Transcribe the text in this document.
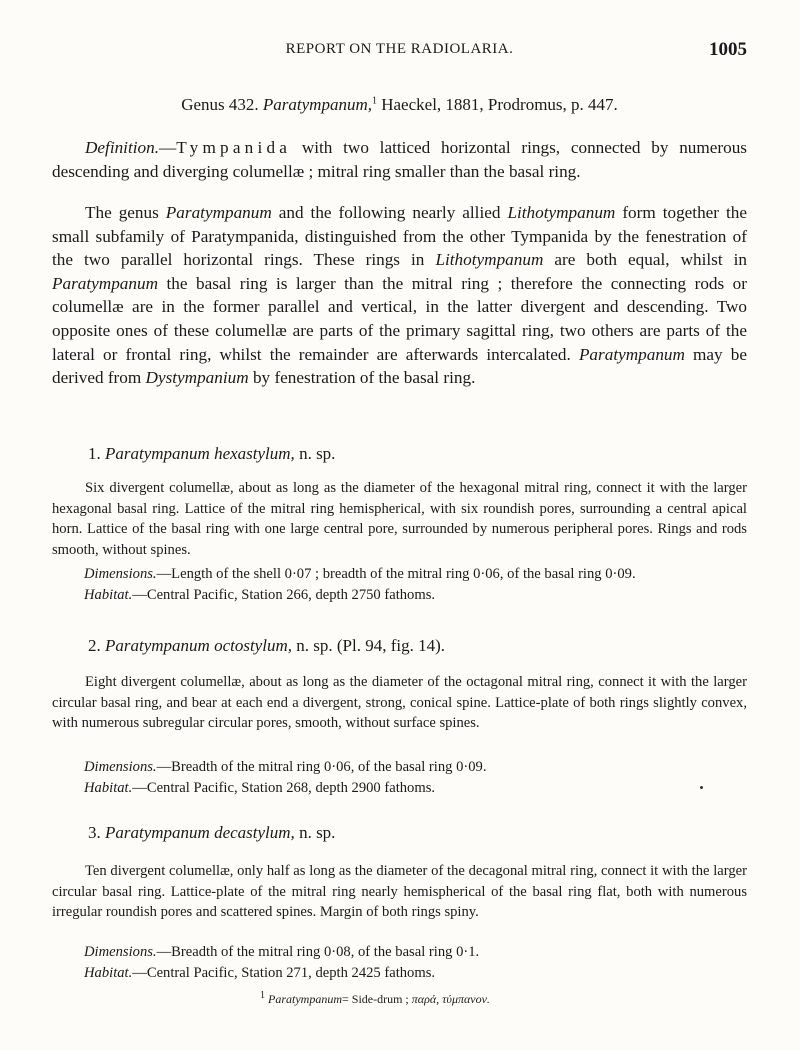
REPORT ON THE RADIOLARIA.	1005
Genus 432. Paratympanum,$^1$ Haeckel, 1881, Prodromus, p. 447.
Definition.—Tympanida with two latticed horizontal rings, connected by numerous descending and diverging columellæ ; mitral ring smaller than the basal ring.
The genus Paratympanum and the following nearly allied Lithotympanum form together the small subfamily of Paratympanida, distinguished from the other Tympanida by the fenestration of the two parallel horizontal rings. These rings in Lithotympanum are both equal, whilst in Paratympanum the basal ring is larger than the mitral ring ; therefore the connecting rods or columellæ are in the former parallel and vertical, in the latter divergent and descending. Two opposite ones of these columellæ are parts of the primary sagittal ring, two others are parts of the lateral or frontal ring, whilst the remainder are afterwards intercalated. Paratympanum may be derived from Dystympanium by fenestration of the basal ring.
1. Paratympanum hexastylum, n. sp.
Six divergent columellæ, about as long as the diameter of the hexagonal mitral ring, connect it with the larger hexagonal basal ring. Lattice of the mitral ring hemispherical, with six roundish pores, surrounding a central apical horn. Lattice of the basal ring with one large central pore, surrounded by numerous peripheral pores. Rings and rods smooth, without spines.
Dimensions.—Length of the shell 0·07 ; breadth of the mitral ring 0·06, of the basal ring 0·09.
Habitat.—Central Pacific, Station 266, depth 2750 fathoms.
2. Paratympanum octostylum, n. sp. (Pl. 94, fig. 14).
Eight divergent columellæ, about as long as the diameter of the octagonal mitral ring, connect it with the larger circular basal ring, and bear at each end a divergent, strong, conical spine. Lattice-plate of both rings slightly convex, with numerous subregular circular pores, smooth, without surface spines.
Dimensions.—Breadth of the mitral ring 0·06, of the basal ring 0·09.
Habitat.—Central Pacific, Station 268, depth 2900 fathoms.
3. Paratympanum decastylum, n. sp.
Ten divergent columellæ, only half as long as the diameter of the decagonal mitral ring, connect it with the larger circular basal ring. Lattice-plate of the mitral ring nearly hemispherical of the basal ring flat, both with numerous irregular roundish pores and scattered spines. Margin of both rings spiny.
Dimensions.—Breadth of the mitral ring 0·08, of the basal ring 0·1.
Habitat.—Central Pacific, Station 271, depth 2425 fathoms.
$^1$ Paratympanum= Side-drum ; παρά, τύμπανον.
